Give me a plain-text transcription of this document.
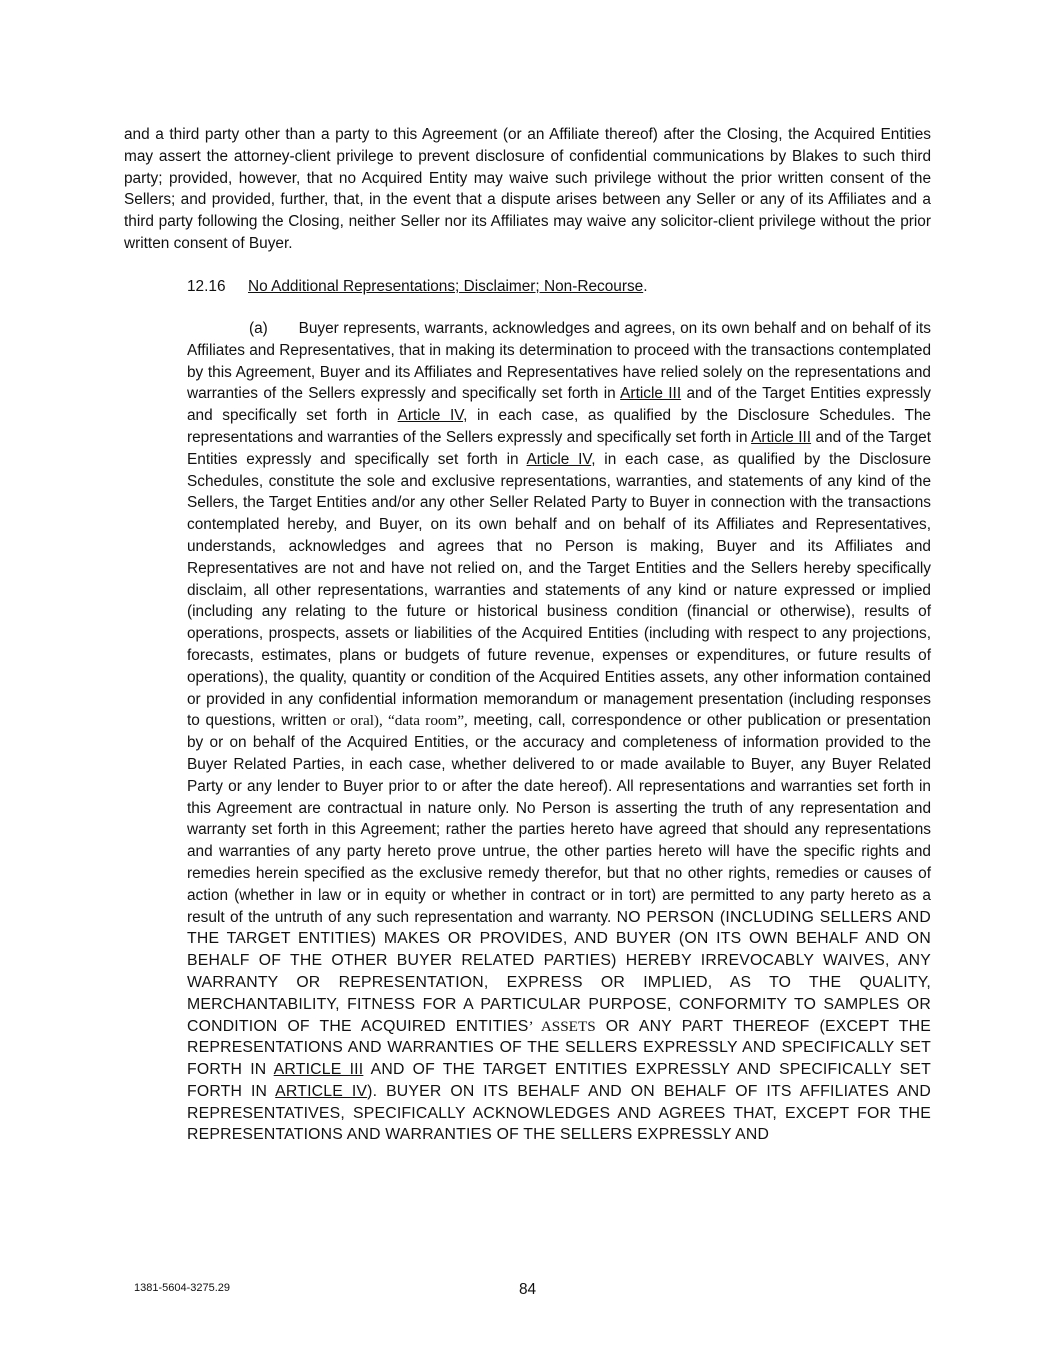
and a third party other than a party to this Agreement (or an Affiliate thereof) after the Closing, the Acquired Entities may assert the attorney-client privilege to prevent disclosure of confidential communications by Blakes to such third party; provided, however, that no Acquired Entity may waive such privilege without the prior written consent of the Sellers; and provided, further, that, in the event that a dispute arises between any Seller or any of its Affiliates and a third party following the Closing, neither Seller nor its Affiliates may waive any solicitor-client privilege without the prior written consent of Buyer.

12.16 No Additional Representations; Disclaimer; Non-Recourse.

(a)  Buyer represents, warrants, acknowledges and agrees, on its own behalf and on behalf of its Affiliates and Representatives, that in making its determination to proceed with the transactions contemplated by this Agreement, Buyer and its Affiliates and Representatives have relied solely on the representations and warranties of the Sellers expressly and specifically set forth in Article III and of the Target Entities expressly and specifically set forth in Article IV, in each case, as qualified by the Disclosure Schedules. The representations and warranties of the Sellers expressly and specifically set forth in Article III and of the Target Entities expressly and specifically set forth in Article IV, in each case, as qualified by the Disclosure Schedules, constitute the sole and exclusive representations, warranties, and statements of any kind of the Sellers, the Target Entities and/or any other Seller Related Party to Buyer in connection with the transactions contemplated hereby, and Buyer, on its own behalf and on behalf of its Affiliates and Representatives, understands, acknowledges and agrees that no Person is making, Buyer and its Affiliates and Representatives are not and have not relied on, and the Target Entities and the Sellers hereby specifically disclaim, all other representations, warranties and statements of any kind or nature expressed or implied (including any relating to the future or historical business condition (financial or otherwise), results of operations, prospects, assets or liabilities of the Acquired Entities (including with respect to any projections, forecasts, estimates, plans or budgets of future revenue, expenses or expenditures, or future results of operations), the quality, quantity or condition of the Acquired Entities assets, any other information contained or provided in any confidential information memorandum or management presentation (including responses to questions, written or oral), “data room”, meeting, call, correspondence or other publication or presentation by or on behalf of the Acquired Entities, or the accuracy and completeness of information provided to the Buyer Related Parties, in each case, whether delivered to or made available to Buyer, any Buyer Related Party or any lender to Buyer prior to or after the date hereof). All representations and warranties set forth in this Agreement are contractual in nature only. No Person is asserting the truth of any representation and warranty set forth in this Agreement; rather the parties hereto have agreed that should any representations and warranties of any party hereto prove untrue, the other parties hereto will have the specific rights and remedies herein specified as the exclusive remedy therefor, but that no other rights, remedies or causes of action (whether in law or in equity or whether in contract or in tort) are permitted to any party hereto as a result of the untruth of any such representation and warranty. NO PERSON (INCLUDING SELLERS AND THE TARGET ENTITIES) MAKES OR PROVIDES, AND BUYER (ON ITS OWN BEHALF AND ON BEHALF OF THE OTHER BUYER RELATED PARTIES) HEREBY IRREVOCABLY WAIVES, ANY WARRANTY OR REPRESENTATION, EXPRESS OR IMPLIED, AS TO THE QUALITY, MERCHANTABILITY, FITNESS FOR A PARTICULAR PURPOSE, CONFORMITY TO SAMPLES OR CONDITION OF THE ACQUIRED ENTITIES’ ASSETS OR ANY PART THEREOF (EXCEPT THE REPRESENTATIONS AND WARRANTIES OF THE SELLERS EXPRESSLY AND SPECIFICALLY SET FORTH IN ARTICLE III AND OF THE TARGET ENTITIES EXPRESSLY AND SPECIFICALLY SET FORTH IN ARTICLE IV). BUYER ON ITS BEHALF AND ON BEHALF OF ITS AFFILIATES AND REPRESENTATIVES, SPECIFICALLY ACKNOWLEDGES AND AGREES THAT, EXCEPT FOR THE REPRESENTATIONS AND WARRANTIES OF THE SELLERS EXPRESSLY AND

1381-5604-3275.29	84
